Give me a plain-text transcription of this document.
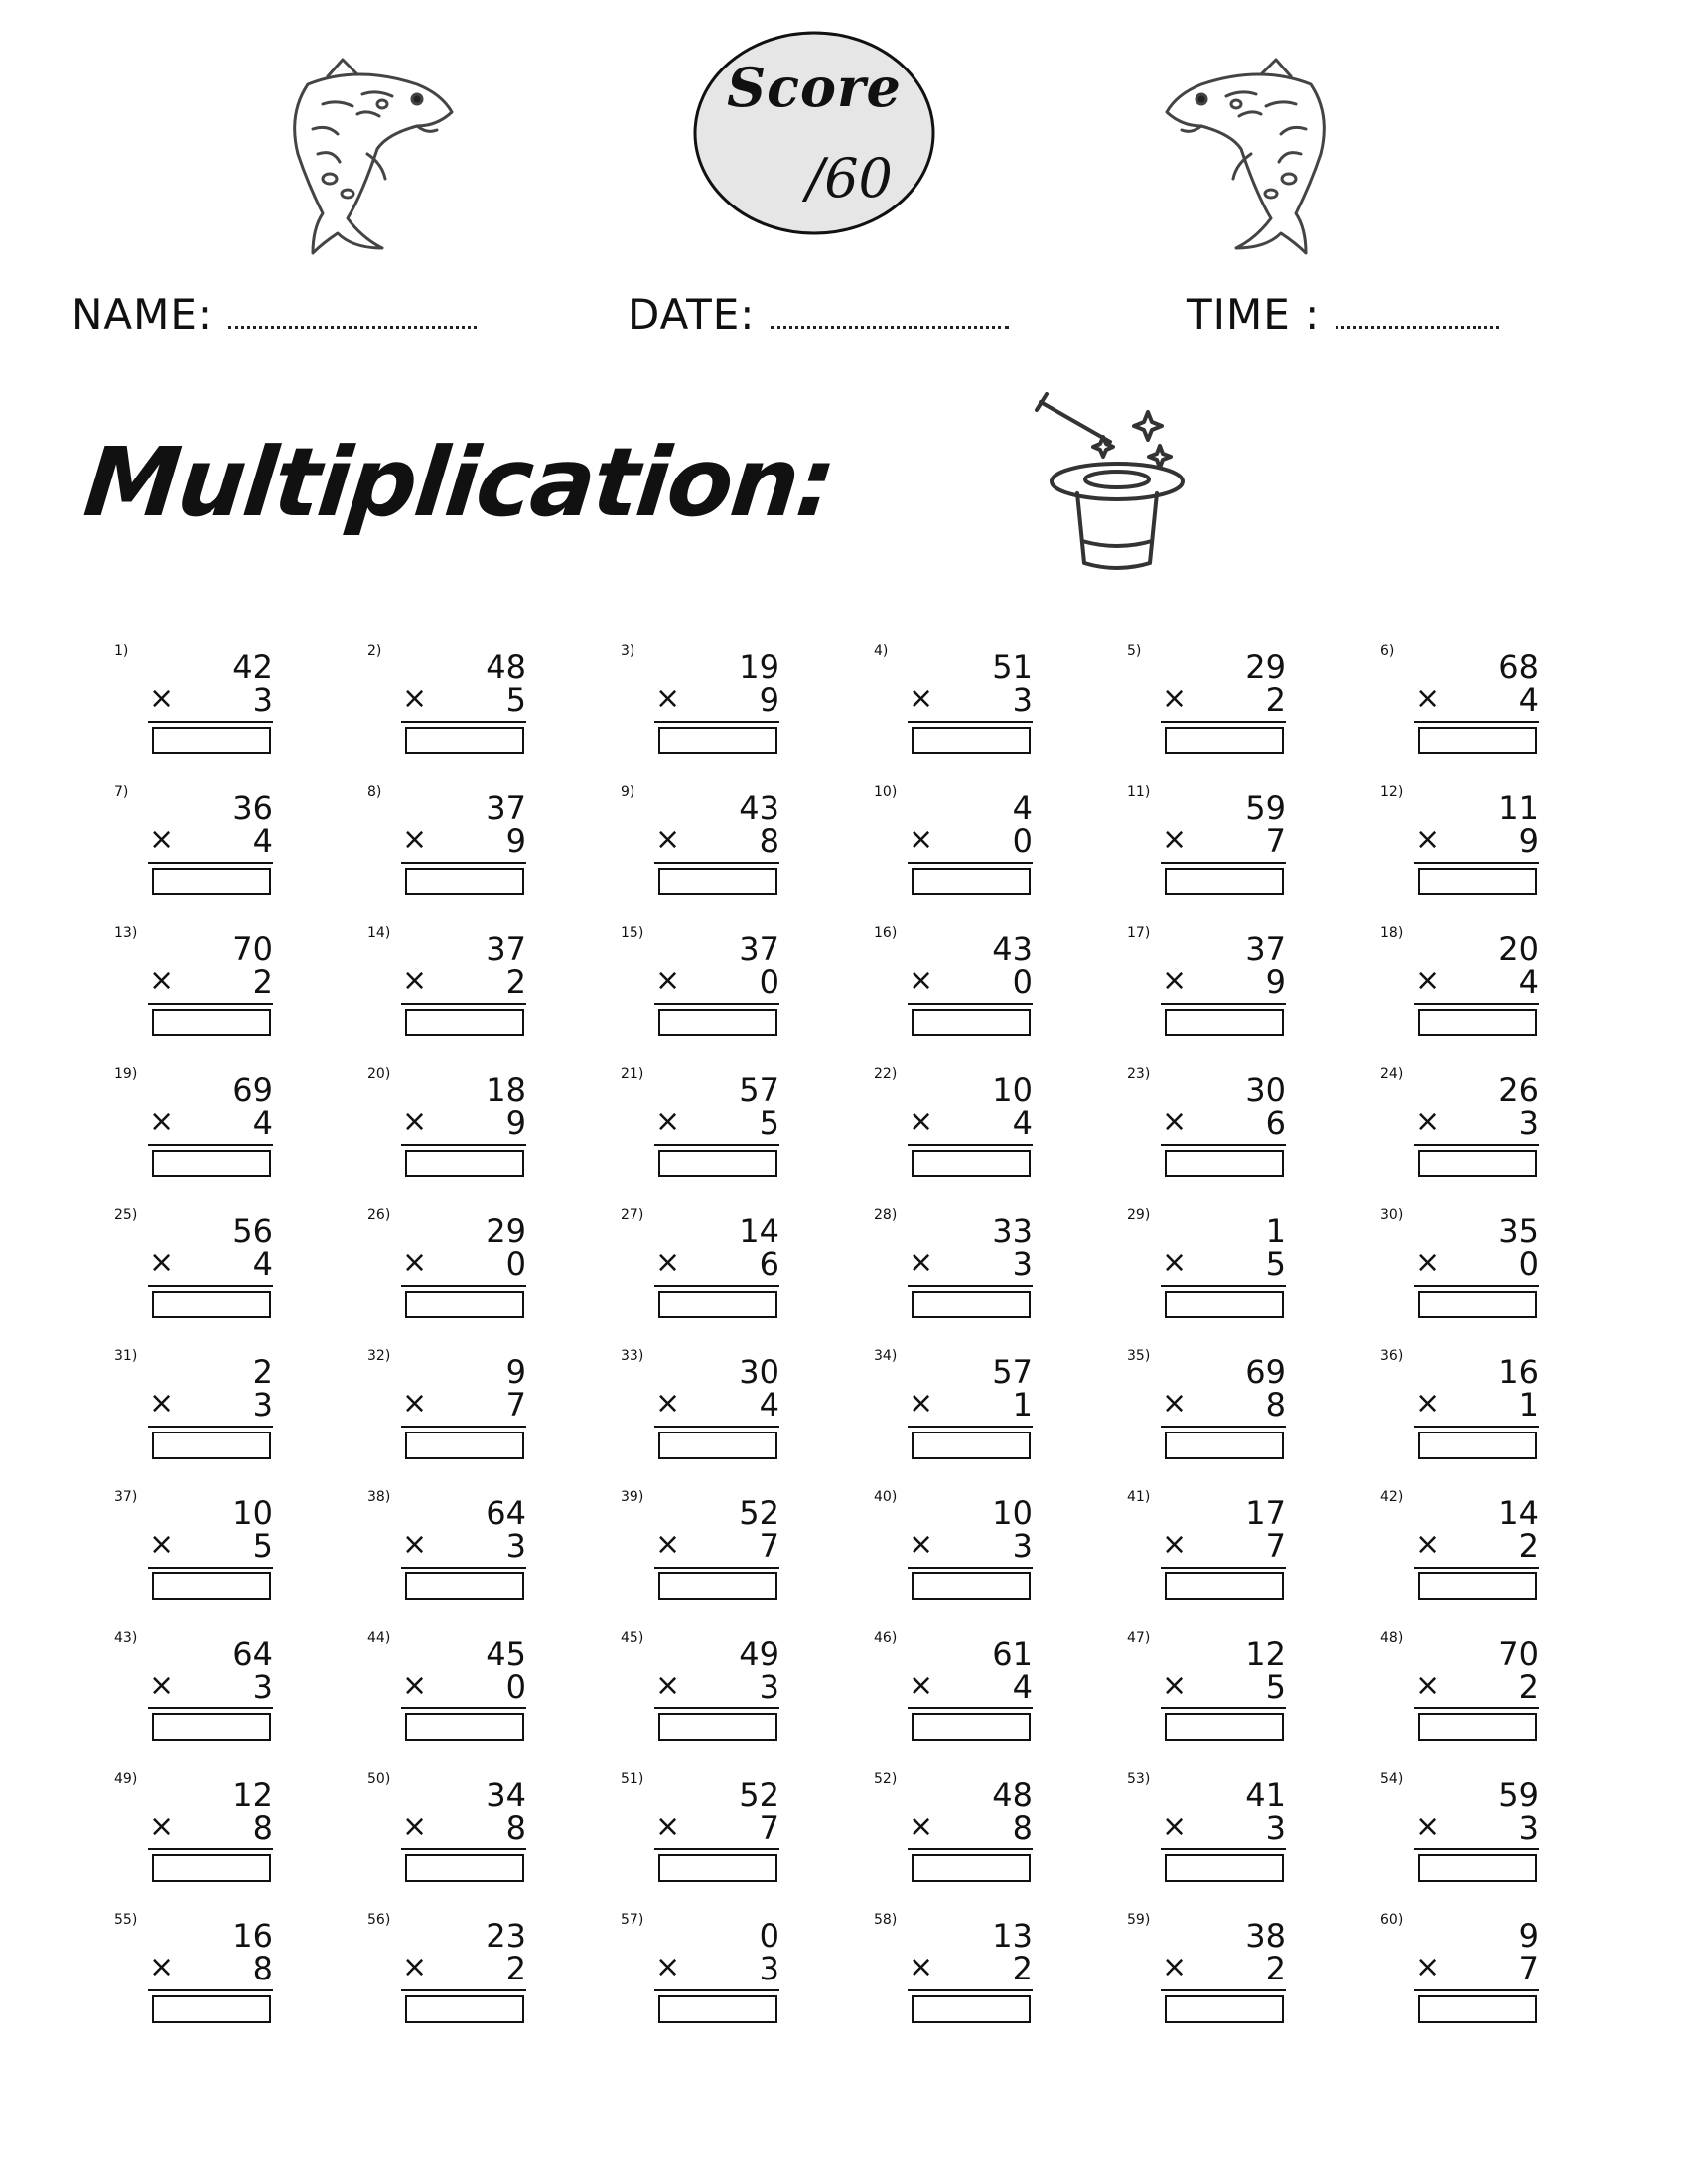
Score
/60
NAME:	DATE:	TIME :
Multiplication:
1)	42
× 3
2)	48
× 5
3)	19
× 9
4)	51
× 3
5)	29
× 2
6)	68
× 4
7)	36
× 4
8)	37
× 9
9)	43
× 8
10)	4
× 0
11)	59
× 7
12)	11
× 9
13)	70
× 2
14)	37
× 2
15)	37
× 0
16)	43
× 0
17)	37
× 9
18)	20
× 4
19)	69
× 4
20)	18
× 9
21)	57
× 5
22)	10
× 4
23)	30
× 6
24)	26
× 3
25)	56
× 4
26)	29
× 0
27)	14
× 6
28)	33
× 3
29)	1
× 5
30)	35
× 0
31)	2
× 3
32)	9
× 7
33)	30
× 4
34)	57
× 1
35)	69
× 8
36)	16
× 1
37)	10
× 5
38)	64
× 3
39)	52
× 7
40)	10
× 3
41)	17
× 7
42)	14
× 2
43)	64
× 3
44)	45
× 0
45)	49
× 3
46)	61
× 4
47)	12
× 5
48)	70
× 2
49)	12
× 8
50)	34
× 8
51)	52
× 7
52)	48
× 8
53)	41
× 3
54)	59
× 3
55)	16
× 8
56)	23
× 2
57)	0
× 3
58)	13
× 2
59)	38
× 2
60)	9
× 7
